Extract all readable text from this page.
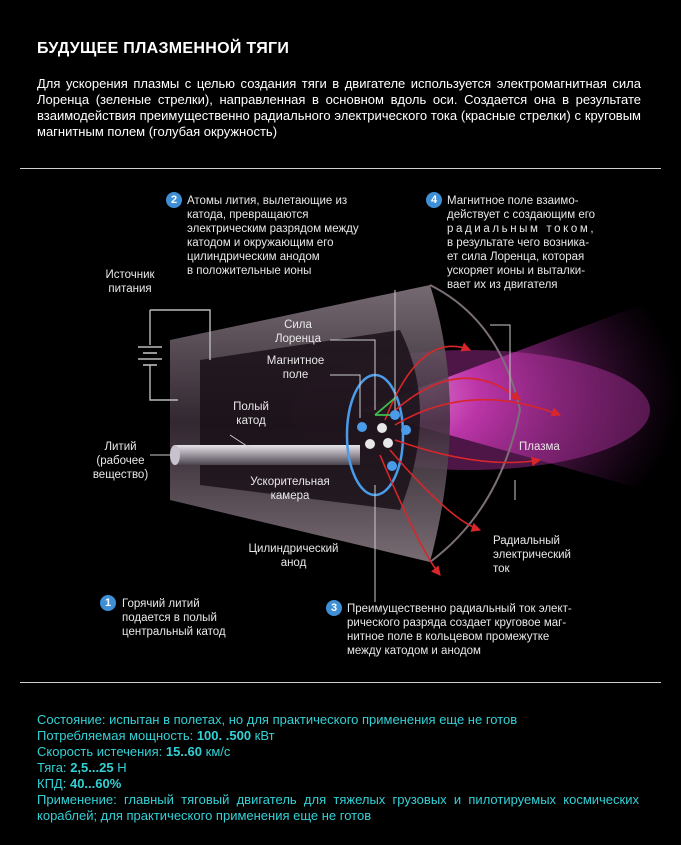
БУДУЩЕЕ ПЛАЗМЕННОЙ ТЯГИ
Для ускорения плазмы с целью создания тяги в двигателе используется электромагнитная сила Лоренца (зеленые стрелки), направленная в основном вдоль оси. Создается она в результате взаимодействия преимущественно радиального электрического тока (красные стрелки) с круговым магнитным полем (голубая окружность)
2 Атомы лития, вылетающие из
катода, превращаются
электрическим разрядом между
катодом и окружающим его
цилиндрическим анодом
в положительные ионы
4 Магнитное поле взаимо-
действует с создающим его
радиальным током,
в результате чего возника-
ет сила Лоренца, которая
ускоряет ионы и выталки-
вает их из двигателя
Источник
питания
Сила
Лоренца
Магнитное
поле
Полый
катод
Литий
(рабочее
вещество)
Ускорительная
камера
Цилиндрический
анод
Плазма
Радиальный
электрический
ток
1 Горячий литий
подается в полый
центральный катод
3 Преимущественно радиальный ток элект-
рического разряда создает круговое маг-
нитное поле в кольцевом промежутке
между катодом и анодом
Состояние: испытан в полетах, но для практического применения еще не готов
Потребляемая мощность: 100. .500 кВт
Скорость истечения: 15..60 км/с
Тяга: 2,5...25 Н
КПД: 40...60%
Применение: главный тяговый двигатель для тяжелых грузовых и пилотируемых космических кораблей; для практического применения еще не готов
